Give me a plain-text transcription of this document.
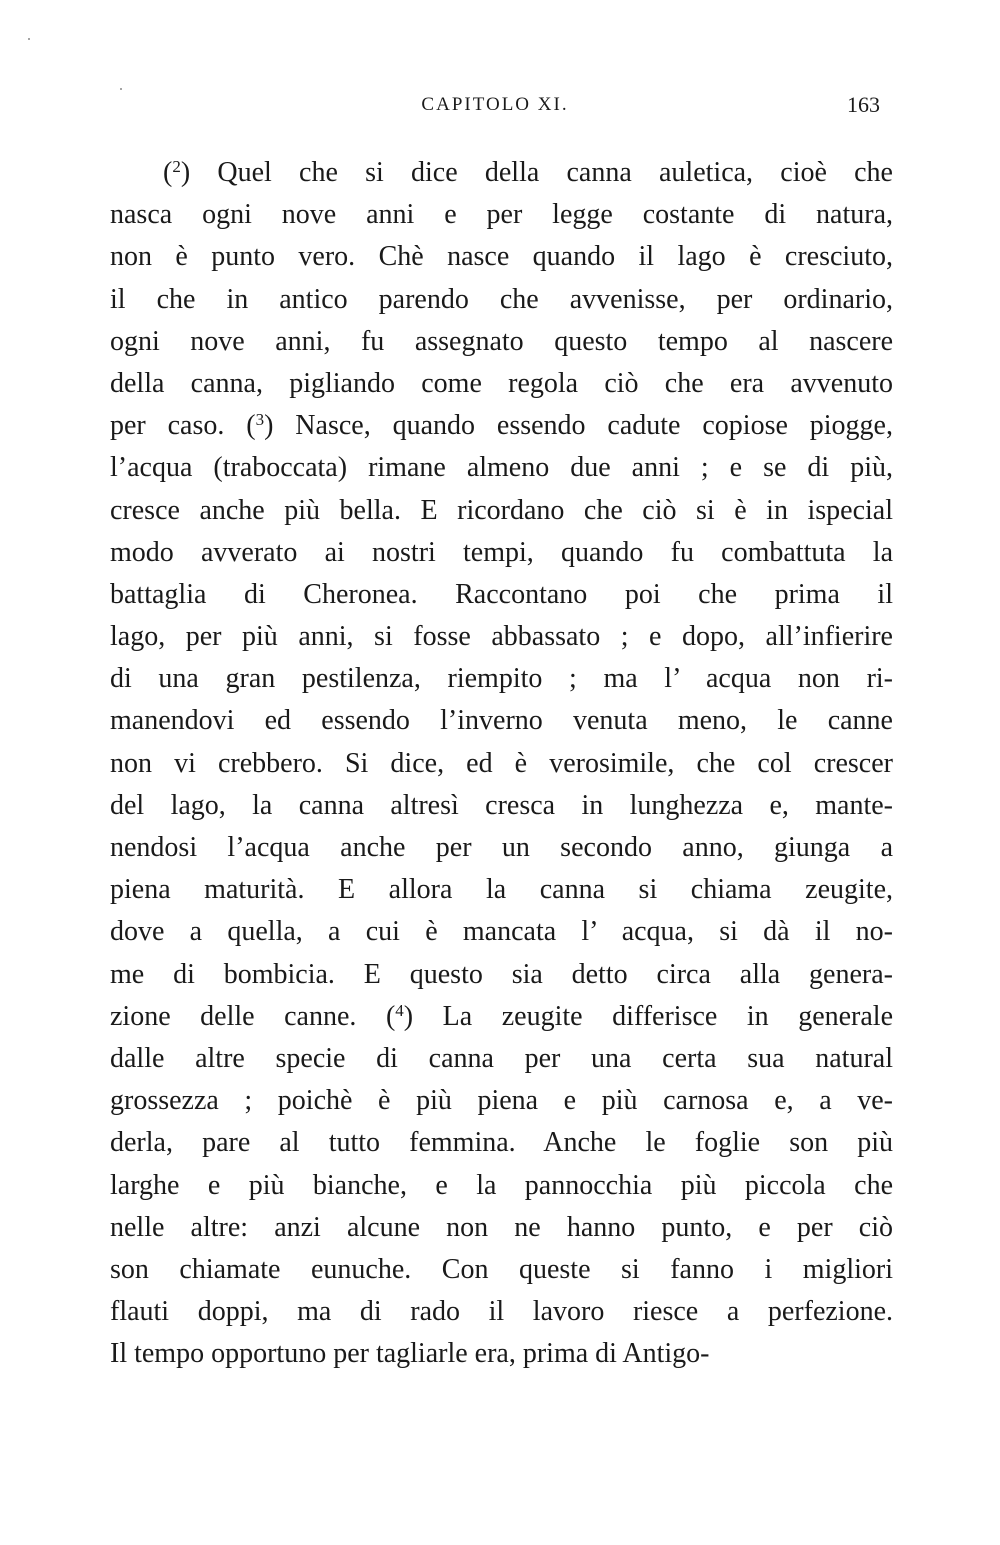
CAPITOLO XI.	163
($^2$) Quel che si dice della canna auletica, cioè che
nasca ogni nove anni e per legge costante di natura,
non è punto vero. Chè nasce quando il lago è cresciuto,
il che in antico parendo che avvenisse, per ordinario,
ogni nove anni, fu assegnato questo tempo al nascere
della canna, pigliando come regola ciò che era avvenuto
per caso. ($^3$) Nasce, quando essendo cadute copiose piogge,
l’acqua (traboccata) rimane almeno due anni ; e se di più,
cresce anche più bella. E ricordano che ciò si è in ispecial
modo avverato ai nostri tempi, quando fu combattuta la
battaglia di Cheronea. Raccontano poi che prima il
lago, per più anni, si fosse abbassato ; e dopo, all’infierire
di una gran pestilenza, riempito ; ma l’ acqua non ri-
manendovi ed essendo l’inverno venuta meno, le canne
non vi crebbero. Si dice, ed è verosimile, che col crescer
del lago, la canna altresì cresca in lunghezza e, mante-
nendosi l’acqua anche per un secondo anno, giunga a
piena maturità. E allora la canna si chiama zeugite,
dove a quella, a cui è mancata l’ acqua, si dà il no-
me di bombicia. E questo sia detto circa alla genera-
zione delle canne. ($^4$) La zeugite differisce in generale
dalle altre specie di canna per una certa sua natural
grossezza ; poichè è più piena e più carnosa e, a ve-
derla, pare al tutto femmina. Anche le foglie son più
larghe e più bianche, e la pannocchia più piccola che
nelle altre: anzi alcune non ne hanno punto, e per ciò
son chiamate eunuche. Con queste si fanno i migliori
flauti doppi, ma di rado il lavoro riesce a perfezione.
Il tempo opportuno per tagliarle era, prima di Antigo-
